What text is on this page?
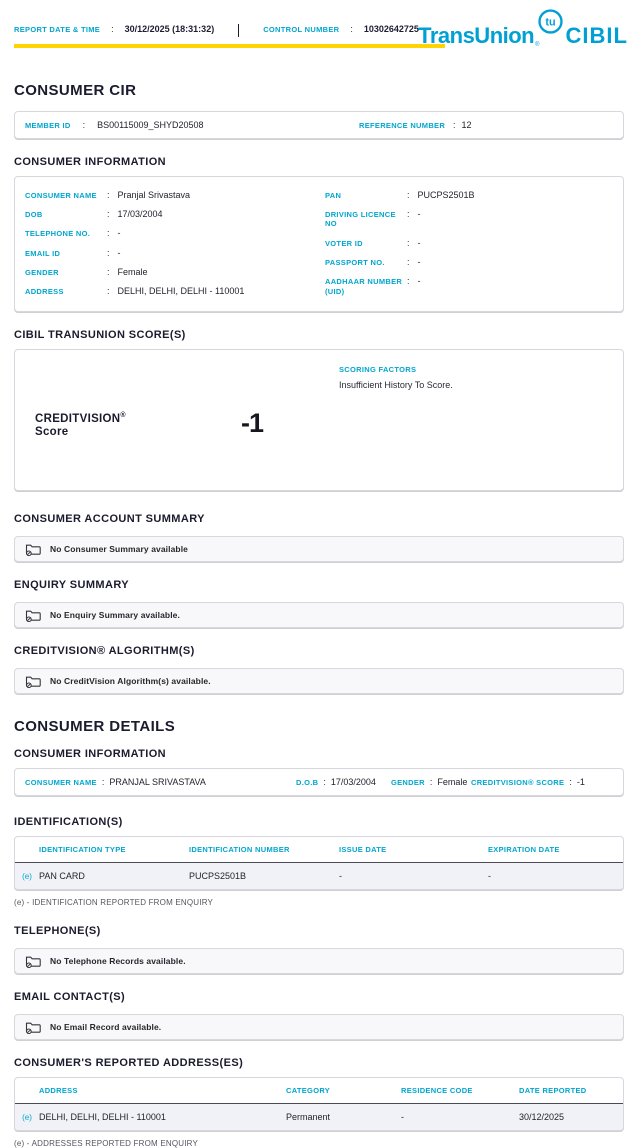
REPORT DATE & TIME : 30/12/2025 (18:31:32)	CONTROL NUMBER : 10302642725 TransUnion ®
tu
CIBIL
CONSUMER CIR
MEMBER ID : BS00115009_SHYD20508	REFERENCE NUMBER : 12
CONSUMER INFORMATION
CONSUMER NAME	: Pranjal Srivastava
DOB	: 17/03/2004
TELEPHONE NO.	: -
EMAIL ID	: -
GENDER	: Female
ADDRESS	: DELHI, DELHI, DELHI - 110001
PAN	: PUCPS2501B
DRIVING LICENCE NO
: -
VOTER ID	: -
PASSPORT NO.	: -
AADHAAR NUMBER (UID)
: -
CIBIL TRANSUNION SCORE(S)
CREDITVISION®
Score	-1
SCORING FACTORS
Insufficient History To Score.
CONSUMER ACCOUNT SUMMARY
No Consumer Summary available
ENQUIRY SUMMARY
No Enquiry Summary available.
CREDITVISION® ALGORITHM(S)
No CreditVision Algorithm(s) available.
CONSUMER DETAILS
CONSUMER INFORMATION
CONSUMER NAME : PRANJAL SRIVASTAVA	D.O.B : 17/03/2004 GENDER : Female CREDITVISION® SCORE : -1
IDENTIFICATION(S)
IDENTIFICATION TYPE	IDENTIFICATION NUMBER	ISSUE DATE	EXPIRATION DATE
(e) PAN CARD	PUCPS2501B	-	-
(e) - IDENTIFICATION REPORTED FROM ENQUIRY
TELEPHONE(S)
No Telephone Records available.
EMAIL CONTACT(S)
No Email Record available.
CONSUMER'S REPORTED ADDRESS(ES)
ADDRESS	CATEGORY	RESIDENCE CODE	DATE REPORTED
(e) DELHI, DELHI, DELHI - 110001	Permanent	-	30/12/2025
(e) - ADDRESSES REPORTED FROM ENQUIRY
